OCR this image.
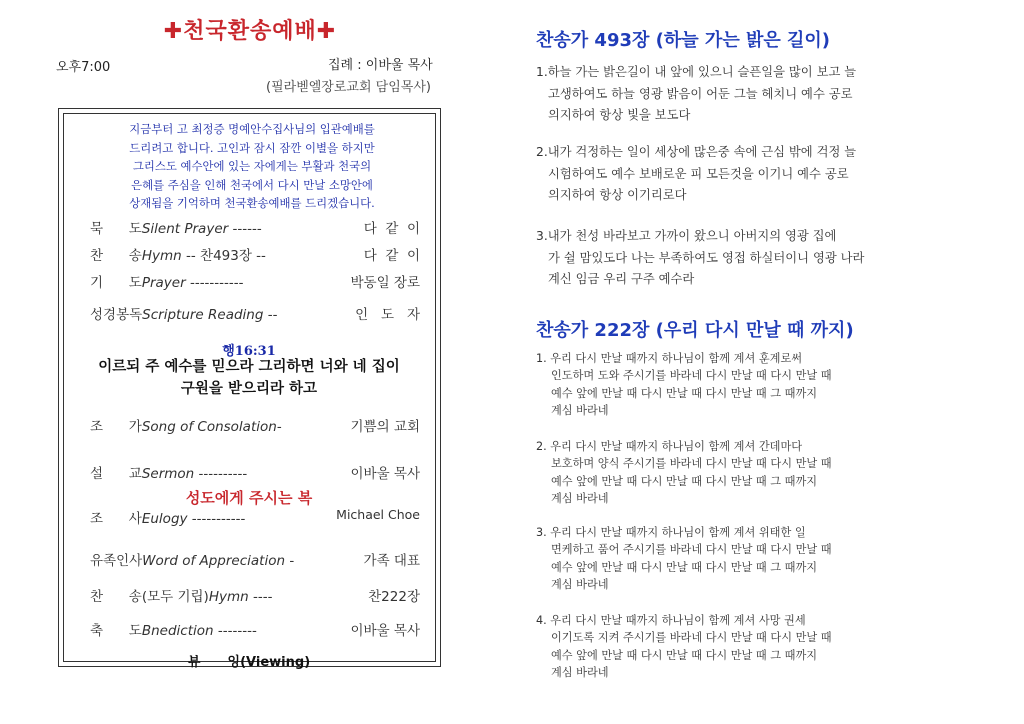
✚천국환송예배✚
오후7:00	집례 : 이바울 목사
(필라벧엘장로교회 담임목사)
지금부터 고 최정증 명예안수집사님의 입관예배를
드리려고 합니다. 고인과 잠시 잠깐 이별을 하지만
그리스도 예수안에 있는 자에게는 부활과 천국의
은혜를 주심을 인해 천국에서 다시 만날 소망안에
상재됨을 기억하며 천국환송예배를 드리겠습니다.
묵      도Silent Prayer ------	다  같  이
찬      송Hymn -- 찬493장 --	다  같  이
기      도Prayer -----------	박동일 장로
성경봉독Scripture Reading --	인   도   자
행16:31
이르되 주 예수를 믿으라 그리하면 너와 네 집이
구원을 받으리라 하고
조      가Song of Consolation-	기쁨의 교회
설      교Sermon ----------	이바울 목사
성도에게 주시는 복
조      사Eulogy -----------	Michael Choe
유족인사Word of Appreciation -	가족 대표
찬      송(모두 기립)Hymn ----	찬222장
축      도Bnediction --------	이바울 목사
뷰      잉(Viewing)
찬송가 493장 (하늘 가는 밝은 길이)
1.하늘 가는 밝은길이 내 앞에 있으니 슬픈일을 많이 보고 늘
고생하여도 하늘 영광 밝음이 어둔 그늘 헤치니 예수 공로
의지하여 항상 빛을 보도다
2.내가 걱정하는 일이 세상에 많은중 속에 근심 밖에 걱정 늘
시험하여도 예수 보배로운 피 모든것을 이기니 예수 공로
의지하여 항상 이기리로다
3.내가 천성 바라보고 가까이 왔으니 아버지의 영광 집에
가 쉴 맘있도다 나는 부족하여도 영접 하실터이니 영광 나라
계신 임금 우리 구주 예수라
찬송가 222장 (우리 다시 만날 때 까지)
1. 우리 다시 만날 때까지 하나님이 함께 계셔 훈계로써
인도하며 도와 주시기를 바라네 다시 만날 때 다시 만날 때
예수 앞에 만날 때 다시 만날 때 다시 만날 때 그 때까지
계심 바라네
2. 우리 다시 만날 때까지 하나님이 함께 계셔 간데마다
보호하며 양식 주시기를 바라네 다시 만날 때 다시 만날 때
예수 앞에 만날 때 다시 만날 때 다시 만날 때 그 때까지
계심 바라네
3. 우리 다시 만날 때까지 하나님이 함께 계셔 위태한 일
면케하고 품어 주시기를 바라네 다시 만날 때 다시 만날 때
예수 앞에 만날 때 다시 만날 때 다시 만날 때 그 때까지
계심 바라네
4. 우리 다시 만날 때까지 하나님이 함께 계셔 사망 권세
이기도록 지켜 주시기를 바라네 다시 만날 때 다시 만날 때
예수 앞에 만날 때 다시 만날 때 다시 만날 때 그 때까지
계심 바라네
